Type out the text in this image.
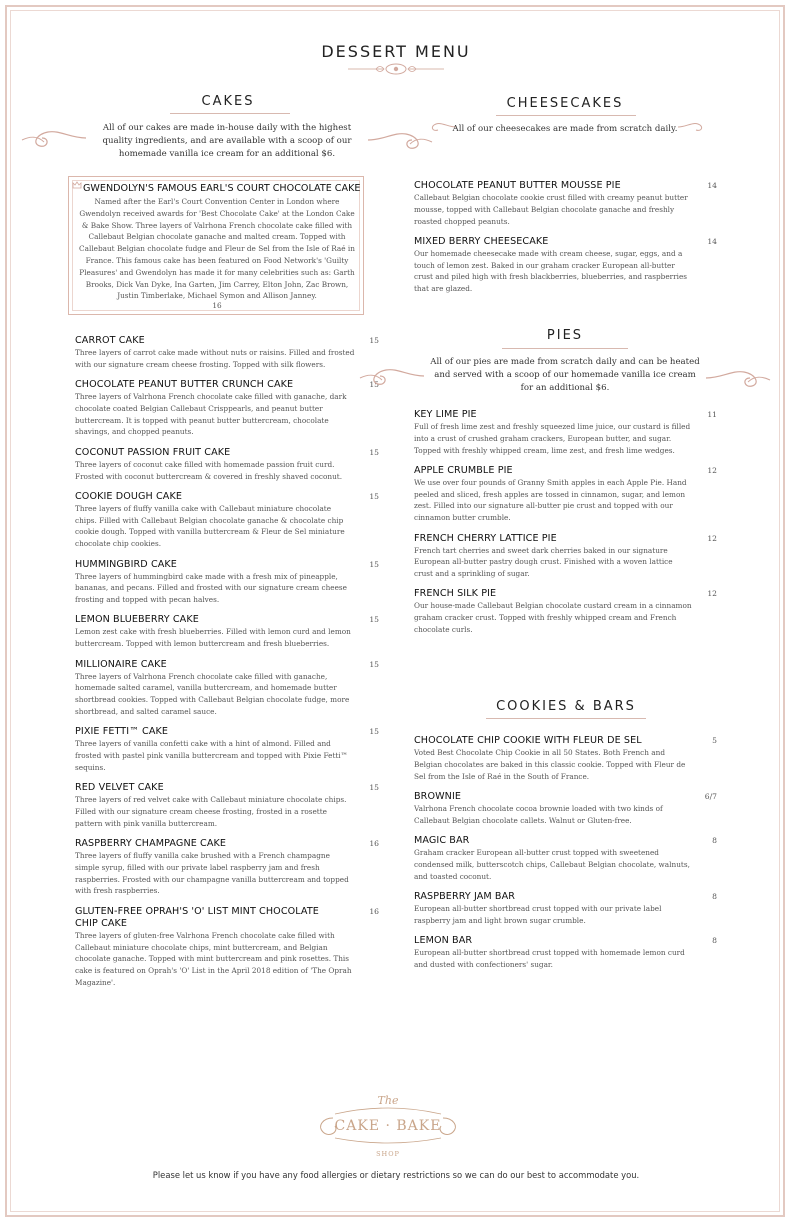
DESSERT MENU
CAKES
All of our cakes are made in-house daily with the highest quality ingredients, and are available with a scoop of our homemade vanilla ice cream for an additional $6.
GWENDOLYN'S FAMOUS EARL'S COURT CHOCOLATE CAKE
Named after the Earl's Court Convention Center in London where Gwendolyn received awards for 'Best Chocolate Cake' at the London Cake & Bake Show. Three layers of Valrhona French chocolate cake filled with Callebaut Belgian chocolate ganache and malted cream. Topped with Callebaut Belgian chocolate fudge and Fleur de Sel from the Isle of Raé in France. This famous cake has been featured on Food Network's 'Guilty Pleasures' and Gwendolyn has made it for many celebrities such as: Garth Brooks, Dick Van Dyke, Ina Garten, Jim Carrey, Elton John, Zac Brown, Justin Timberlake, Michael Symon and Allison Janney.
16
CARROT CAKE	15
Three layers of carrot cake made without nuts or raisins. Filled and frosted with our signature cream cheese frosting. Topped with silk flowers.
CHOCOLATE PEANUT BUTTER CRUNCH CAKE	15
Three layers of Valrhona French chocolate cake filled with ganache, dark chocolate coated Belgian Callebaut Crisppearls, and peanut butter buttercream. It is topped with peanut butter buttercream, chocolate shavings, and chopped peanuts.
COCONUT PASSION FRUIT CAKE	15
Three layers of coconut cake filled with homemade passion fruit curd. Frosted with coconut buttercream & covered in freshly shaved coconut.
COOKIE DOUGH CAKE	15
Three layers of fluffy vanilla cake with Callebaut miniature chocolate chips. Filled with Callebaut Belgian chocolate ganache & chocolate chip cookie dough. Topped with vanilla buttercream & Fleur de Sel miniature chocolate chip cookies.
HUMMINGBIRD CAKE	15
Three layers of hummingbird cake made with a fresh mix of pineapple, bananas, and pecans. Filled and frosted with our signature cream cheese frosting and topped with pecan halves.
LEMON BLUEBERRY CAKE	15
Lemon zest cake with fresh blueberries. Filled with lemon curd and lemon buttercream. Topped with lemon buttercream and fresh blueberries.
MILLIONAIRE CAKE	15
Three layers of Valrhona French chocolate cake filled with ganache, homemade salted caramel, vanilla buttercream, and homemade butter shortbread cookies. Topped with Callebaut Belgian chocolate fudge, more shortbread, and salted caramel sauce.
PIXIE FETTI™ CAKE	15
Three layers of vanilla confetti cake with a hint of almond. Filled and frosted with pastel pink vanilla buttercream and topped with Pixie Fetti™ sequins.
RED VELVET CAKE	15
Three layers of red velvet cake with Callebaut miniature chocolate chips. Filled with our signature cream cheese frosting, frosted in a rosette pattern with pink vanilla buttercream.
RASPBERRY CHAMPAGNE CAKE	16
Three layers of fluffy vanilla cake brushed with a French champagne simple syrup, filled with our private label raspberry jam and fresh raspberries. Frosted with our champagne vanilla buttercream and topped with fresh raspberries.
GLUTEN-FREE OPRAH'S 'O' LIST MINT CHOCOLATE CHIP CAKE
16
Three layers of gluten-free Valrhona French chocolate cake filled with Callebaut miniature chocolate chips, mint buttercream, and Belgian chocolate ganache. Topped with mint buttercream and pink rosettes. This cake is featured on Oprah's 'O' List in the April 2018 edition of 'The Oprah Magazine'.
CHEESECAKES
All of our cheesecakes are made from scratch daily.
CHOCOLATE PEANUT BUTTER MOUSSE PIE	14
Callebaut Belgian chocolate cookie crust filled with creamy peanut butter mousse, topped with Callebaut Belgian chocolate ganache and freshly roasted chopped peanuts.
MIXED BERRY CHEESECAKE	14
Our homemade cheesecake made with cream cheese, sugar, eggs, and a touch of lemon zest. Baked in our graham cracker European all-butter crust and piled high with fresh blackberries, blueberries, and raspberries that are glazed.
PIES
All of our pies are made from scratch daily and can be heated and served with a scoop of our homemade vanilla ice cream for an additional $6.
KEY LIME PIE	11
Full of fresh lime zest and freshly squeezed lime juice, our custard is filled into a crust of crushed graham crackers, European butter, and sugar. Topped with freshly whipped cream, lime zest, and fresh lime wedges.
APPLE CRUMBLE PIE	12
We use over four pounds of Granny Smith apples in each Apple Pie. Hand peeled and sliced, fresh apples are tossed in cinnamon, sugar, and lemon zest. Filled into our signature all-butter pie crust and topped with our cinnamon butter crumble.
FRENCH CHERRY LATTICE PIE	12
French tart cherries and sweet dark cherries baked in our signature European all-butter pastry dough crust. Finished with a woven lattice crust and a sprinkling of sugar.
FRENCH SILK PIE	12
Our house-made Callebaut Belgian chocolate custard cream in a cinnamon graham cracker crust. Topped with freshly whipped cream and French chocolate curls.
COOKIES & BARS
CHOCOLATE CHIP COOKIE WITH FLEUR DE SEL	5
Voted Best Chocolate Chip Cookie in all 50 States. Both French and Belgian chocolates are baked in this classic cookie. Topped with Fleur de Sel from the Isle of Raé in the South of France.
BROWNIE	6/7
Valrhona French chocolate cocoa brownie loaded with two kinds of Callebaut Belgian chocolate callets. Walnut or Gluten-free.
MAGIC BAR	8
Graham cracker European all-butter crust topped with sweetened condensed milk, butterscotch chips, Callebaut Belgian chocolate, walnuts, and toasted coconut.
RASPBERRY JAM BAR	8
European all-butter shortbread crust topped with our private label raspberry jam and light brown sugar crumble.
LEMON BAR	8
European all-butter shortbread crust topped with homemade lemon curd and dusted with confectioners' sugar.
The
CAKE · BAKE
SHOP
Please let us know if you have any food allergies or dietary restrictions so we can do our best to accommodate you.
